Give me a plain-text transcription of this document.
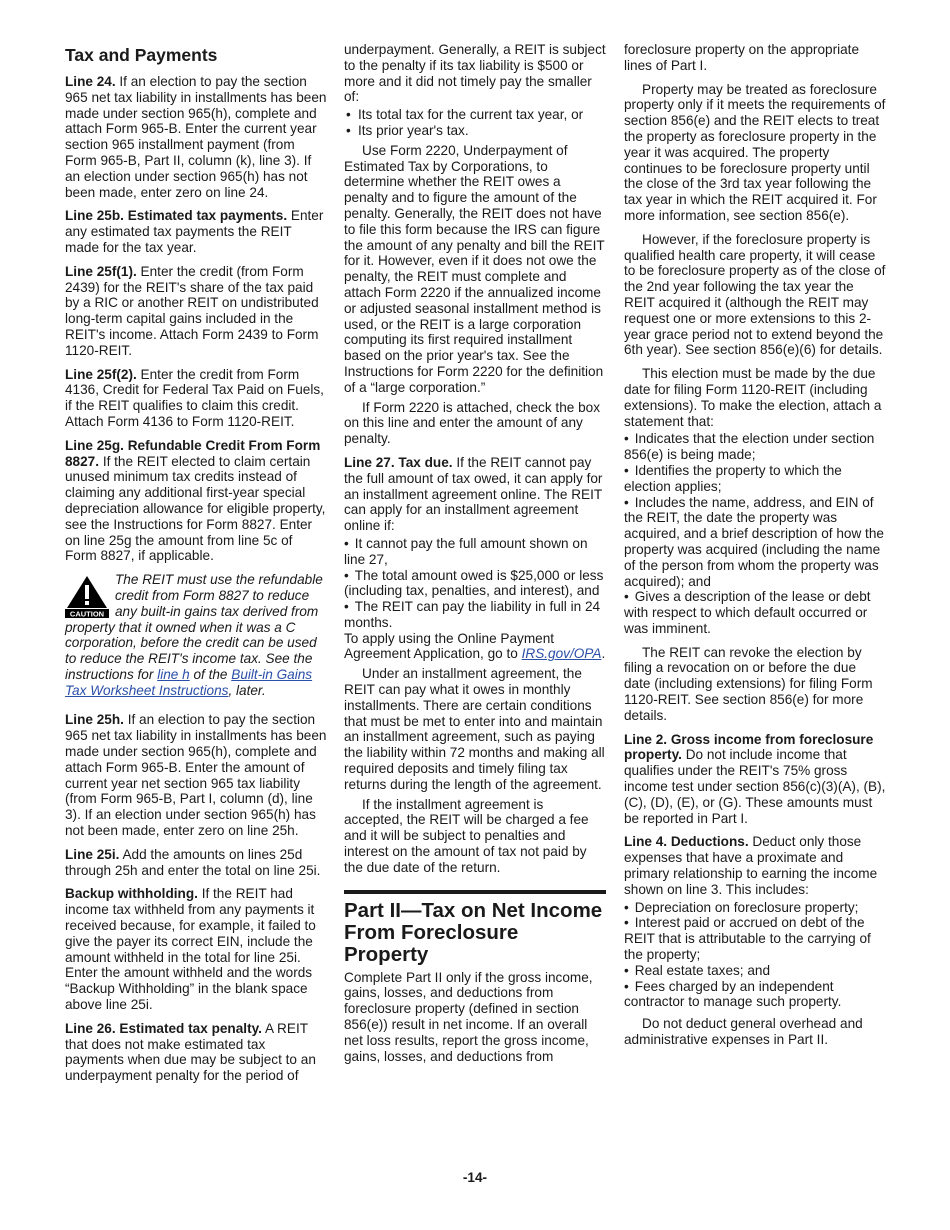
Tax and Payments

Line 24. If an election to pay the section 965 net tax liability in installments has been made under section 965(h), complete and attach Form 965-B. Enter the current year section 965 installment payment (from Form 965-B, Part II, column (k), line 3). If an election under section 965(h) has not been made, enter zero on line 24.

Line 25b. Estimated tax payments. Enter any estimated tax payments the REIT made for the tax year.

Line 25f(1). Enter the credit (from Form 2439) for the REIT's share of the tax paid by a RIC or another REIT on undistributed long-term capital gains included in the REIT's income. Attach Form 2439 to Form 1120-REIT.

Line 25f(2). Enter the credit from Form 4136, Credit for Federal Tax Paid on Fuels, if the REIT qualifies to claim this credit. Attach Form 4136 to Form 1120-REIT.

Line 25g. Refundable Credit From Form 8827. If the REIT elected to claim certain unused minimum tax credits instead of claiming any additional first-year special depreciation allowance for eligible property, see the Instructions for Form 8827. Enter on line 25g the amount from line 5c of Form 8827, if applicable.

CAUTION
The REIT must use the refundable credit from Form 8827 to reduce any built-in gains tax derived from property that it owned when it was a C corporation, before the credit can be used to reduce the REIT's income tax. See the instructions for line h of the Built-in Gains Tax Worksheet Instructions, later.

Line 25h. If an election to pay the section 965 net tax liability in installments has been made under section 965(h), complete and attach Form 965-B. Enter the amount of current year net section 965 tax liability (from Form 965-B, Part I, column (d), line 3). If an election under section 965(h) has not been made, enter zero on line 25h.

Line 25i. Add the amounts on lines 25d through 25h and enter the total on line 25i.

Backup withholding. If the REIT had income tax withheld from any payments it received because, for example, it failed to give the payer its correct EIN, include the amount withheld in the total for line 25i. Enter the amount withheld and the words “Backup Withholding” in the blank space above line 25i.

Line 26. Estimated tax penalty. A REIT that does not make estimated tax payments when due may be subject to an underpayment penalty for the period of

underpayment. Generally, a REIT is subject to the penalty if its tax liability is $500 or more and it did not timely pay the smaller of:

• Its total tax for the current tax year, or
• Its prior year's tax.

Use Form 2220, Underpayment of Estimated Tax by Corporations, to determine whether the REIT owes a penalty and to figure the amount of the penalty. Generally, the REIT does not have to file this form because the IRS can figure the amount of any penalty and bill the REIT for it. However, even if it does not owe the penalty, the REIT must complete and attach Form 2220 if the annualized income or adjusted seasonal installment method is used, or the REIT is a large corporation computing its first required installment based on the prior year's tax. See the Instructions for Form 2220 for the definition of a “large corporation.”

If Form 2220 is attached, check the box on this line and enter the amount of any penalty.

Line 27. Tax due. If the REIT cannot pay the full amount of tax owed, it can apply for an installment agreement online. The REIT can apply for an installment agreement online if:

• It cannot pay the full amount shown on line 27,
• The total amount owed is $25,000 or less (including tax, penalties, and interest), and
• The REIT can pay the liability in full in 24 months.

To apply using the Online Payment Agreement Application, go to IRS.gov/OPA.

Under an installment agreement, the REIT can pay what it owes in monthly installments. There are certain conditions that must be met to enter into and maintain an installment agreement, such as paying the liability within 72 months and making all required deposits and timely filing tax returns during the length of the agreement.

If the installment agreement is accepted, the REIT will be charged a fee and it will be subject to penalties and interest on the amount of tax not paid by the due date of the return.

Part II—Tax on Net Income From Foreclosure Property

Complete Part II only if the gross income, gains, losses, and deductions from foreclosure property (defined in section 856(e)) result in net income. If an overall net loss results, report the gross income, gains, losses, and deductions from

foreclosure property on the appropriate lines of Part I.

Property may be treated as foreclosure property only if it meets the requirements of section 856(e) and the REIT elects to treat the property as foreclosure property in the year it was acquired. The property continues to be foreclosure property until the close of the 3rd tax year following the tax year in which the REIT acquired it. For more information, see section 856(e).

However, if the foreclosure property is qualified health care property, it will cease to be foreclosure property as of the close of the 2nd year following the tax year the REIT acquired it (although the REIT may request one or more extensions to this 2-year grace period not to extend beyond the 6th year). See section 856(e)(6) for details.

This election must be made by the due date for filing Form 1120-REIT (including extensions). To make the election, attach a statement that:

• Indicates that the election under section 856(e) is being made;
• Identifies the property to which the election applies;
• Includes the name, address, and EIN of the REIT, the date the property was acquired, and a brief description of how the property was acquired (including the name of the person from whom the property was acquired); and
• Gives a description of the lease or debt with respect to which default occurred or was imminent.

The REIT can revoke the election by filing a revocation on or before the due date (including extensions) for filing Form 1120-REIT. See section 856(e) for more details.

Line 2. Gross income from foreclosure property. Do not include income that qualifies under the REIT's 75% gross income test under section 856(c)(3)(A), (B), (C), (D), (E), or (G). These amounts must be reported in Part I.

Line 4. Deductions. Deduct only those expenses that have a proximate and primary relationship to earning the income shown on line 3. This includes:

• Depreciation on foreclosure property;
• Interest paid or accrued on debt of the REIT that is attributable to the carrying of the property;
• Real estate taxes; and
• Fees charged by an independent contractor to manage such property.

Do not deduct general overhead and administrative expenses in Part II.

-14-
